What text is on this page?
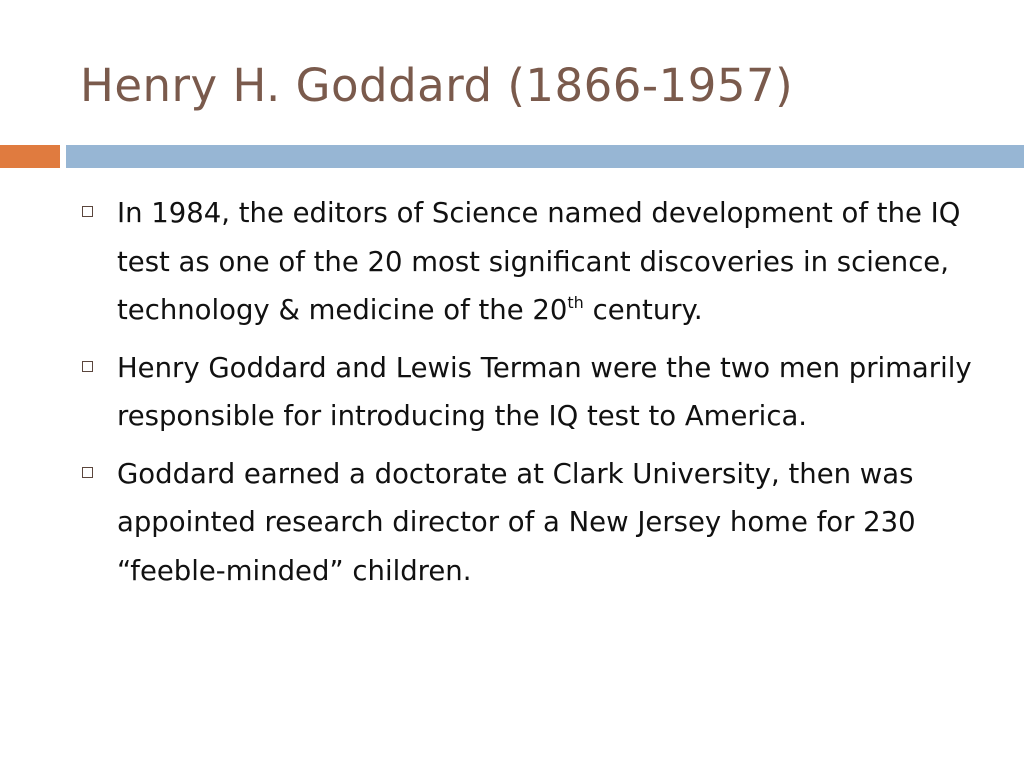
Henry H. Goddard (1866-1957)
In 1984, the editors of Science named development of the IQ test as one of the 20 most significant discoveries in science, technology & medicine of the 20th century.
Henry Goddard and Lewis Terman were the two men primarily responsible for introducing the IQ test to America.
Goddard earned a doctorate at Clark University, then was appointed research director of a New Jersey home for 230 “feeble-minded” children.
